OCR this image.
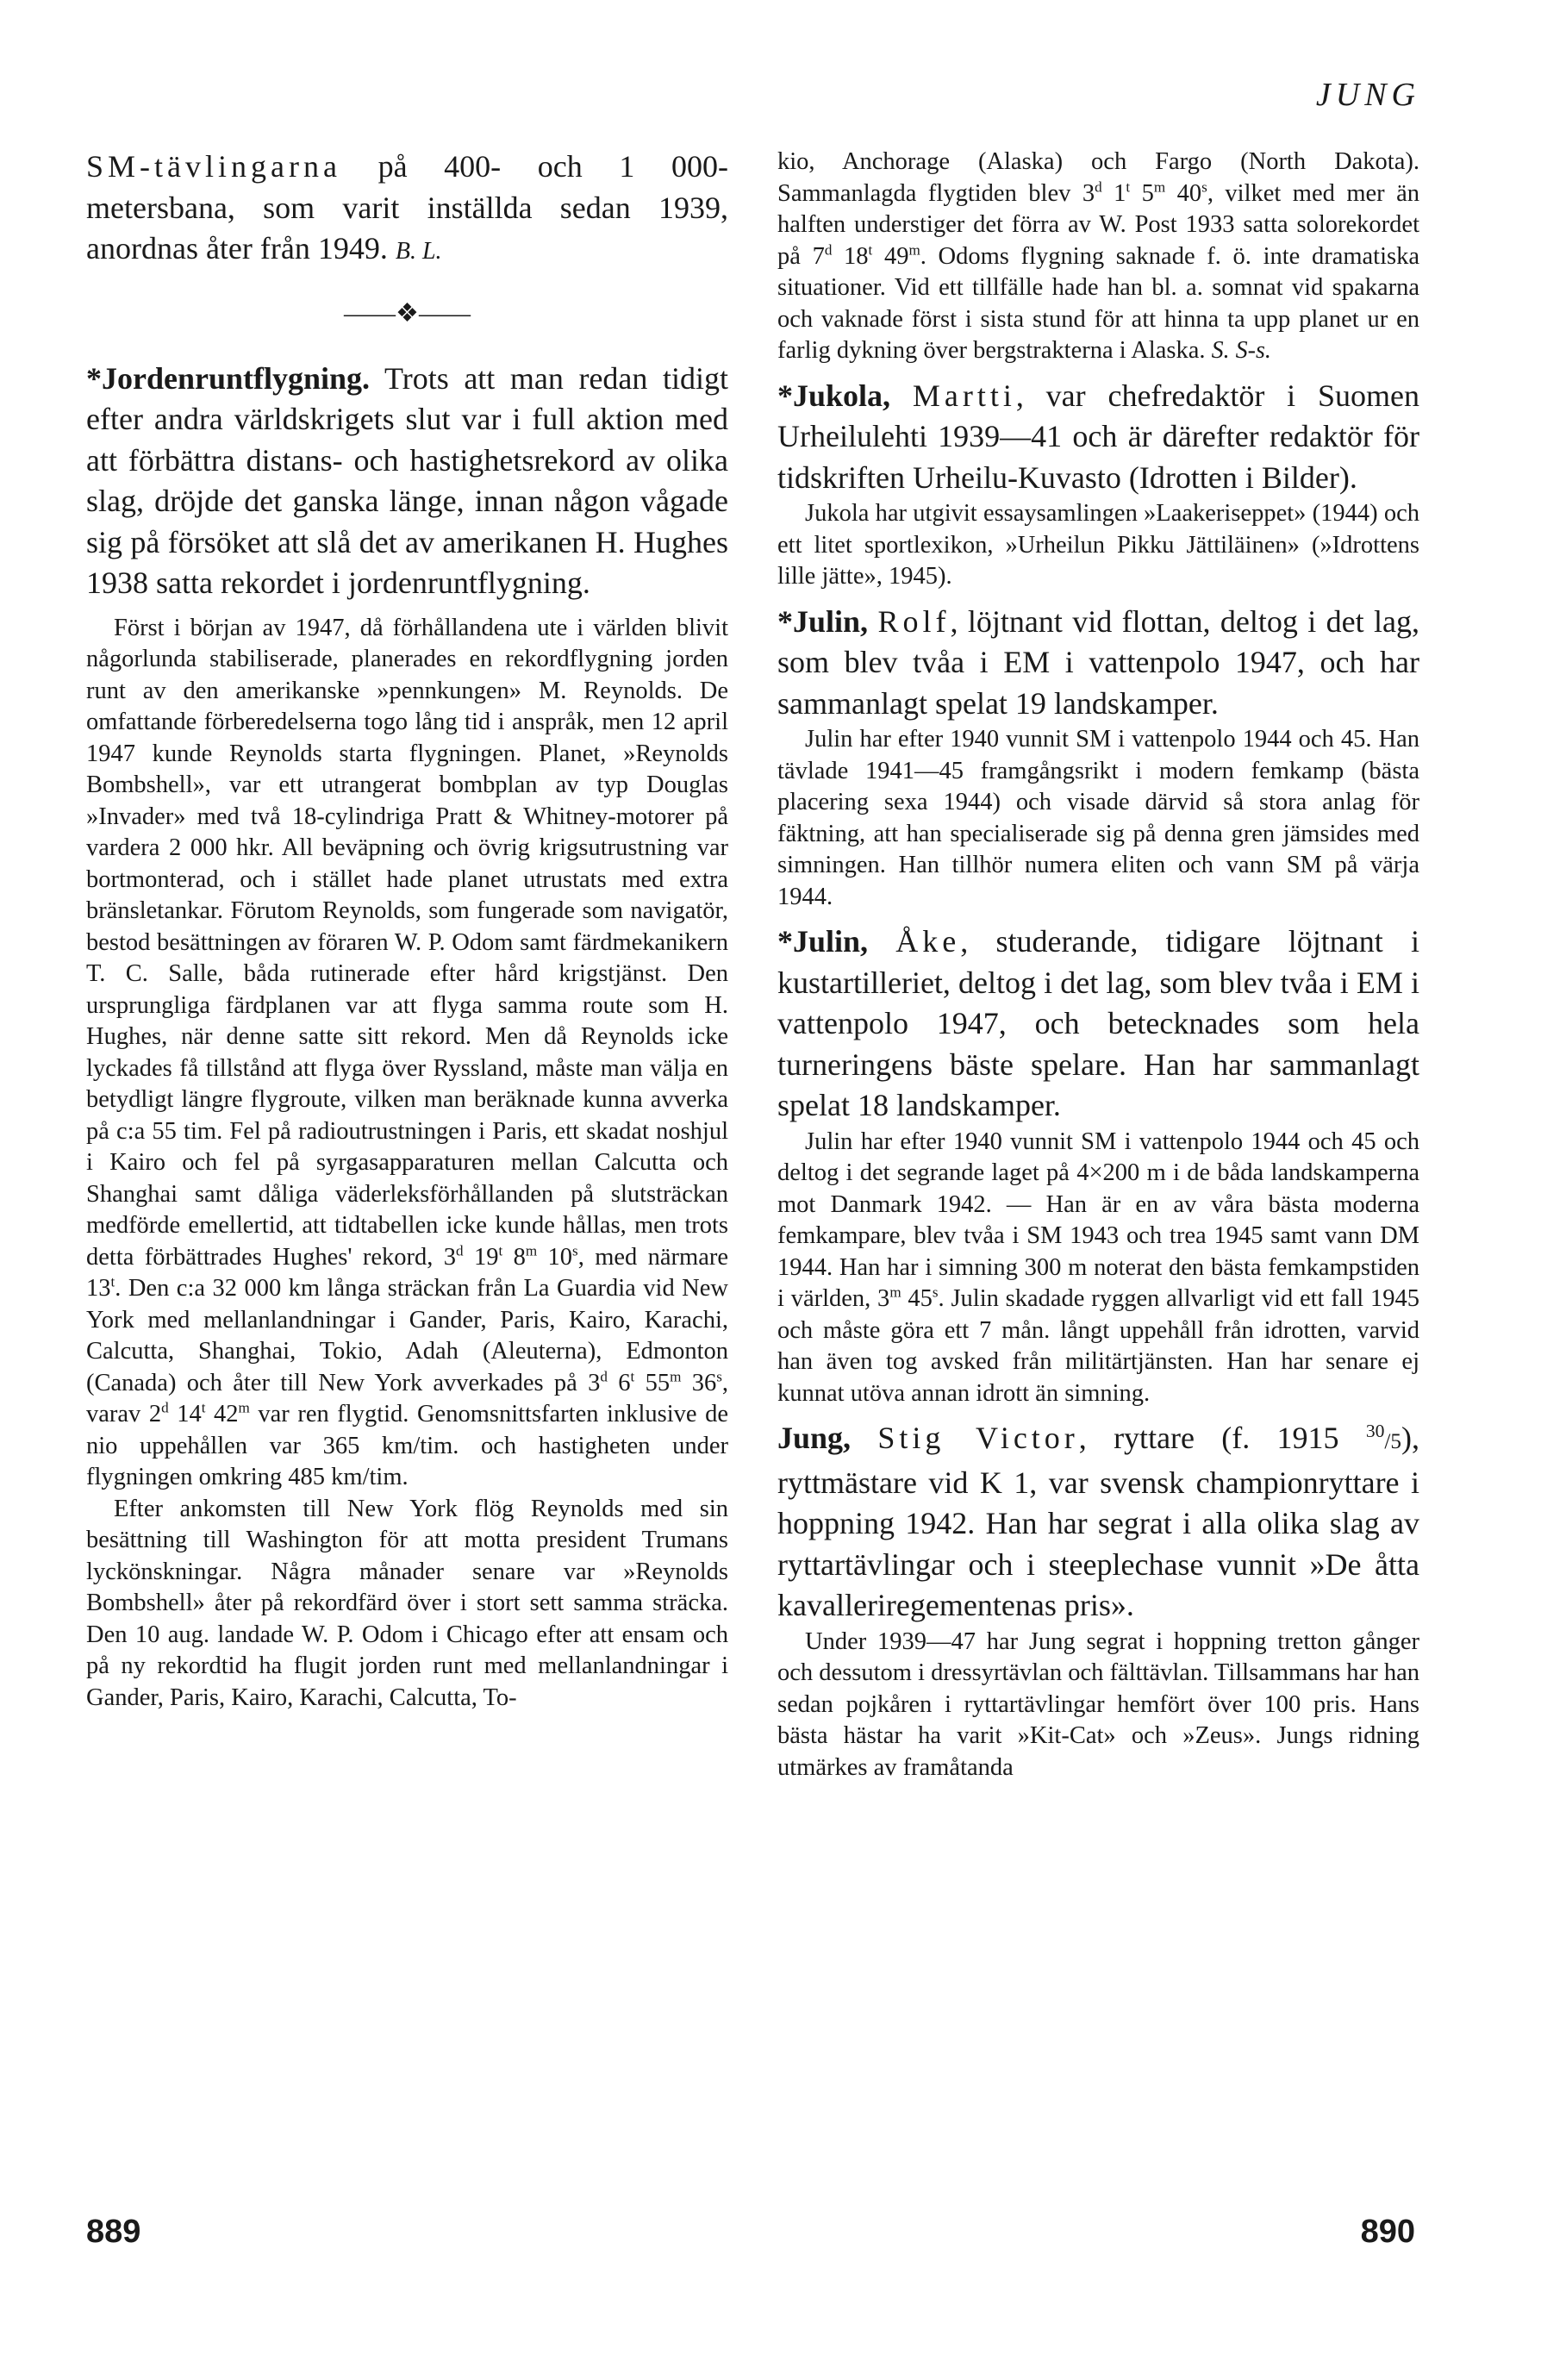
JUNG

SM-tävlingarna på 400- och 1 000-metersbana, som varit inställda sedan 1939, anordnas åter från 1949. B. L.

——❖——

*Jordenruntflygning. Trots att man redan tidigt efter andra världskrigets slut var i full aktion med att förbättra distans- och hastighetsrekord av olika slag, dröjde det ganska länge, innan någon vågade sig på försöket att slå det av amerikanen H. Hughes 1938 satta rekordet i jordenruntflygning.

Först i början av 1947, då förhållandena ute i världen blivit någorlunda stabiliserade, planerades en rekordflygning jorden runt av den amerikanske »pennkungen» M. Reynolds. De omfattande förberedelserna togo lång tid i anspråk, men 12 april 1947 kunde Reynolds starta flygningen. Planet, »Reynolds Bombshell», var ett utrangerat bombplan av typ Douglas »Invader» med två 18-cylindriga Pratt & Whitney-motorer på vardera 2 000 hkr. All beväpning och övrig krigsutrustning var bortmonterad, och i stället hade planet utrustats med extra bränsletankar. Förutom Reynolds, som fungerade som navigatör, bestod besättningen av föraren W. P. Odom samt färdmekanikern T. C. Salle, båda rutinerade efter hård krigstjänst. Den ursprungliga färdplanen var att flyga samma route som H. Hughes, när denne satte sitt rekord. Men då Reynolds icke lyckades få tillstånd att flyga över Ryssland, måste man välja en betydligt längre flygroute, vilken man beräknade kunna avverka på c:a 55 tim. Fel på radioutrustningen i Paris, ett skadat noshjul i Kairo och fel på syrgasapparaturen mellan Calcutta och Shanghai samt dåliga väderleksförhållanden på slutsträckan medförde emellertid, att tidtabellen icke kunde hållas, men trots detta förbättrades Hughes' rekord, 3$^d$ 19$^t$ 8$^m$ 10$^s$, med närmare 13$^t$. Den c:a 32 000 km långa sträckan från La Guardia vid New York med mellanlandningar i Gander, Paris, Kairo, Karachi, Calcutta, Shanghai, Tokio, Adah (Aleuterna), Edmonton (Canada) och åter till New York avverkades på 3$^d$ 6$^t$ 55$^m$ 36$^s$, varav 2$^d$ 14$^t$ 42$^m$ var ren flygtid. Genomsnittsfarten inklusive de nio uppehållen var 365 km/tim. och hastigheten under flygningen omkring 485 km/tim.

Efter ankomsten till New York flög Reynolds med sin besättning till Washington för att motta president Trumans lyckönskningar. Några månader senare var »Reynolds Bombshell» åter på rekordfärd över i stort sett samma sträcka. Den 10 aug. landade W. P. Odom i Chicago efter att ensam och på ny rekordtid ha flugit jorden runt med mellanlandningar i Gander, Paris, Kairo, Karachi, Calcutta, To-

kio, Anchorage (Alaska) och Fargo (North Dakota). Sammanlagda flygtiden blev 3$^d$ 1$^t$ 5$^m$ 40$^s$, vilket med mer än halften understiger det förra av W. Post 1933 satta solorekordet på 7$^d$ 18$^t$ 49$^m$. Odoms flygning saknade f. ö. inte dramatiska situationer. Vid ett tillfälle hade han bl. a. somnat vid spakarna och vaknade först i sista stund för att hinna ta upp planet ur en farlig dykning över bergstrakterna i Alaska. S. S-s.

*Jukola, Martti, var chefredaktör i Suomen Urheilulehti 1939—41 och är därefter redaktör för tidskriften Urheilu-Kuvasto (Idrotten i Bilder).

Jukola har utgivit essaysamlingen »Laakeriseppet» (1944) och ett litet sportlexikon, »Urheilun Pikku Jättiläinen» (»Idrottens lille jätte», 1945).

*Julin, Rolf, löjtnant vid flottan, deltog i det lag, som blev tvåa i EM i vattenpolo 1947, och har sammanlagt spelat 19 landskamper.

Julin har efter 1940 vunnit SM i vattenpolo 1944 och 45. Han tävlade 1941—45 framgångsrikt i modern femkamp (bästa placering sexa 1944) och visade därvid så stora anlag för fäktning, att han specialiserade sig på denna gren jämsides med simningen. Han tillhör numera eliten och vann SM på värja 1944.

*Julin, Åke, studerande, tidigare löjtnant i kustartilleriet, deltog i det lag, som blev tvåa i EM i vattenpolo 1947, och betecknades som hela turneringens bäste spelare. Han har sammanlagt spelat 18 landskamper.

Julin har efter 1940 vunnit SM i vattenpolo 1944 och 45 och deltog i det segrande laget på 4×200 m i de båda landskamperna mot Danmark 1942. — Han är en av våra bästa moderna femkampare, blev tvåa i SM 1943 och trea 1945 samt vann DM 1944. Han har i simning 300 m noterat den bästa femkampstiden i världen, 3$^m$ 45$^s$. Julin skadade ryggen allvarligt vid ett fall 1945 och måste göra ett 7 mån. långt uppehåll från idrotten, varvid han även tog avsked från militärtjänsten. Han har senare ej kunnat utöva annan idrott än simning.

Jung, Stig Victor, ryttare (f. 1915 $^{30}$/5), ryttmästare vid K 1, var svensk championryttare i hoppning 1942. Han har segrat i alla olika slag av ryttartävlingar och i steeplechase vunnit »De åtta kavalleriregementenas pris».

Under 1939—47 har Jung segrat i hoppning tretton gånger och dessutom i dressyrtävlan och fälttävlan. Tillsammans har han sedan pojkåren i ryttartävlingar hemfört över 100 pris. Hans bästa hästar ha varit »Kit-Cat» och »Zeus». Jungs ridning utmärkes av framåtanda

889	890
